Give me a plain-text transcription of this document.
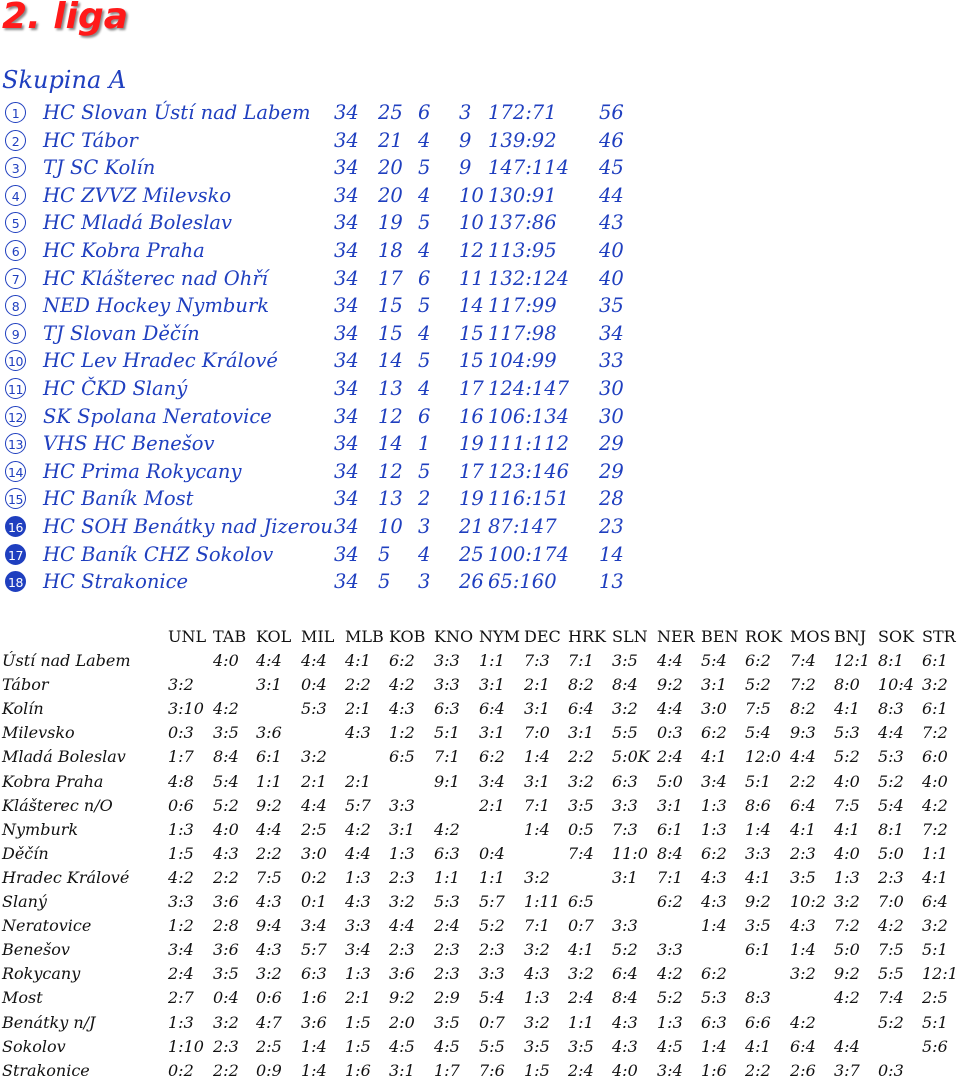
2. liga
Skupina A
1	HC Slovan Ústí nad Labem 34 25 6 3 172:71 56
2	HC Tábor	34 21 4 9 139:92 46
3	TJ SC Kolín	34 20 5 9 147:114 45
4	HC ZVVZ Milevsko	34 20 4 10 130:91 44
5	HC Mladá Boleslav	34 19 5 10 137:86 43
6	HC Kobra Praha	34 18 4 12 113:95 40
7	HC Klášterec nad Ohří	34 17 6 11 132:124 40
8	NED Hockey Nymburk	34 15 5 14 117:99 35
9	TJ Slovan Děčín	34 15 4 15 117:98 34
10 HC Lev Hradec Králové	34 14 5 15 104:99 33
11 HC ČKD Slaný	34 13 4 17 124:147 30
12 SK Spolana Neratovice	34 12 6 16 106:134 30
13 VHS HC Benešov	34 14 1 19 111:112 29
14 HC Prima Rokycany	34 12 5 17 123:146 29
15 HC Baník Most	34 13 2 19 116:151 28
16 HC SOH Benátky nad Jizerou 34 10 3 21 87:147 23
17 HC Baník CHZ Sokolov	34 5 4 25 100:174 14
18 HC Strakonice	34 5 3 26 65:160 13
UNL TAB KOL MIL MLB KOB KNO NYM DEC HRK SLN NER BEN ROK MOS BNJ SOK STR
Ústí nad Labem	4:0 4:4 4:4 4:1 6:2 3:3 1:1 7:3 7:1 3:5 4:4 5:4 6:2 7:4 12:1 8:1 6:1
Tábor	3:2	3:1 0:4 2:2 4:2 3:3 3:1 2:1 8:2 8:4 9:2 3:1 5:2 7:2 8:0 10:4 3:2
Kolín	3:10 4:2	5:3 2:1 4:3 6:3 6:4 3:1 6:4 3:2 4:4 3:0 7:5 8:2 4:1 8:3 6:1
Milevsko	0:3 3:5 3:6	4:3 1:2 5:1 3:1 7:0 3:1 5:5 0:3 6:2 5:4 9:3 5:3 4:4 7:2
Mladá Boleslav	1:7 8:4 6:1 3:2	6:5 7:1 6:2 1:4 2:2 5:0K 2:4 4:1 12:0 4:4 5:2 5:3 6:0
Kobra Praha	4:8 5:4 1:1 2:1 2:1	9:1 3:4 3:1 3:2 6:3 5:0 3:4 5:1 2:2 4:0 5:2 4:0
Klášterec n/O	0:6 5:2 9:2 4:4 5:7 3:3	2:1 7:1 3:5 3:3 3:1 1:3 8:6 6:4 7:5 5:4 4:2
Nymburk	1:3 4:0 4:4 2:5 4:2 3:1 4:2	1:4 0:5 7:3 6:1 1:3 1:4 4:1 4:1 8:1 7:2
Děčín	1:5 4:3 2:2 3:0 4:4 1:3 6:3 0:4	7:4 11:0 8:4 6:2 3:3 2:3 4:0 5:0 1:1
Hradec Králové 4:2 2:2 7:5 0:2 1:3 2:3 1:1 1:1 3:2	3:1 7:1 4:3 4:1 3:5 1:3 2:3 4:1
Slaný	3:3 3:6 4:3 0:1 4:3 3:2 5:3 5:7 1:11 6:5	6:2 4:3 9:2 10:2 3:2 7:0 6:4
Neratovice	1:2 2:8 9:4 3:4 3:3 4:4 2:4 5:2 7:1 0:7 3:3	1:4 3:5 4:3 7:2 4:2 3:2
Benešov	3:4 3:6 4:3 5:7 3:4 2:3 2:3 2:3 3:2 4:1 5:2 3:3	6:1 1:4 5:0 7:5 5:1
Rokycany	2:4 3:5 3:2 6:3 1:3 3:6 2:3 3:3 4:3 3:2 6:4 4:2 6:2	3:2 9:2 5:5 12:1
Most	2:7 0:4 0:6 1:6 2:1 9:2 2:9 5:4 1:3 2:4 8:4 5:2 5:3 8:3	4:2 7:4 2:5
Benátky n/J	1:3 3:2 4:7 3:6 1:5 2:0 3:5 0:7 3:2 1:1 4:3 1:3 6:3 6:6 4:2	5:2 5:1
Sokolov	1:10 2:3 2:5 1:4 1:5 4:5 4:5 5:5 3:5 3:5 4:3 4:5 1:4 4:1 6:4 4:4	5:6
Strakonice	0:2 2:2 0:9 1:4 1:6 3:1 1:7 7:6 1:5 2:4 4:0 3:4 1:6 2:2 2:6 3:7 0:3
